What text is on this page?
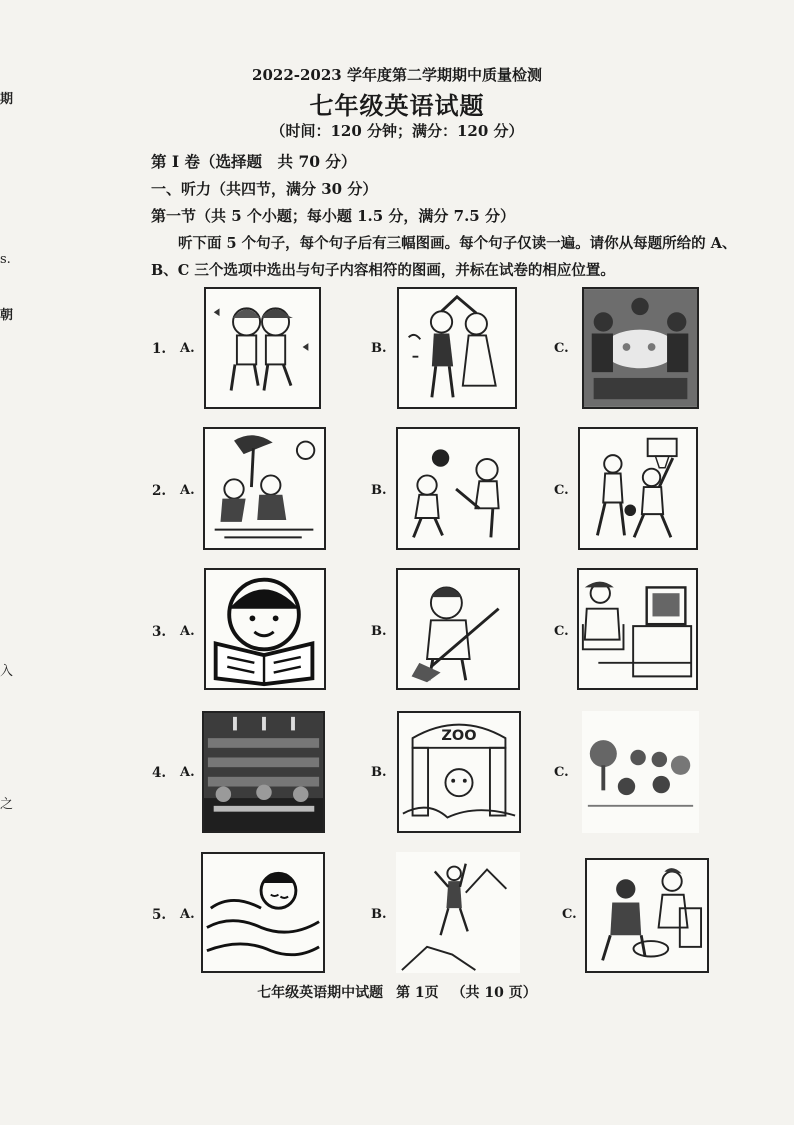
期
s.
朝
入
之
2022-2023 学年度第二学期期中质量检测
七年级英语试题
（时间：120 分钟；满分：120 分）
第 I 卷（选择题　共 70 分）
一、听力（共四节，满分 30 分）
第一节（共 5 个小题；每小题 1.5 分，满分 7.5 分）
听下面 5 个句子，每个句子后有三幅图画。每个句子仅读一遍。请你从每题所给的 A、
B、C 三个选项中选出与句子内容相符的图画，并标在试卷的相应位置。
1. A.	B.	C.
2. A.	B.	C.
3. A.	B.	C.
4. A.	B.
ZOO
C.
5. A.	B.	C.
七年级英语期中试题 第 1页 （共 10 页）
